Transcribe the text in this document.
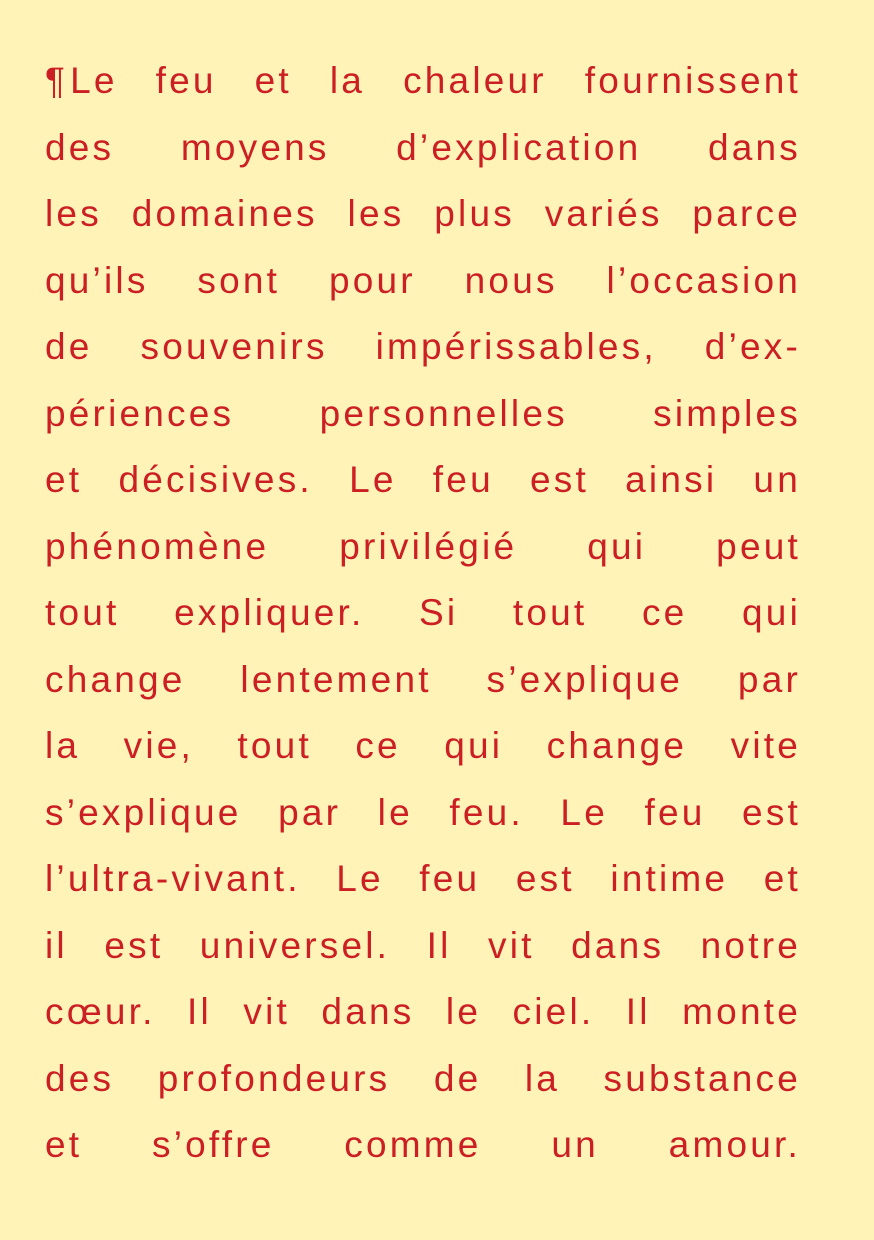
¶Le feu et la chaleur fournissent
des moyens d’explication dans
les domaines les plus variés parce
qu’ils sont pour nous l’occasion
de souvenirs impérissables, d’ex-
périences personnelles simples
et décisives. Le feu est ainsi un
phénomène privilégié qui peut
tout expliquer. Si tout ce qui
change lentement s’explique par
la vie, tout ce qui change vite
s’explique par le feu. Le feu est
l’ultra-vivant. Le feu est intime et
il est universel. Il vit dans notre
cœur. Il vit dans le ciel. Il monte
des profondeurs de la substance
et s’offre comme un amour.
